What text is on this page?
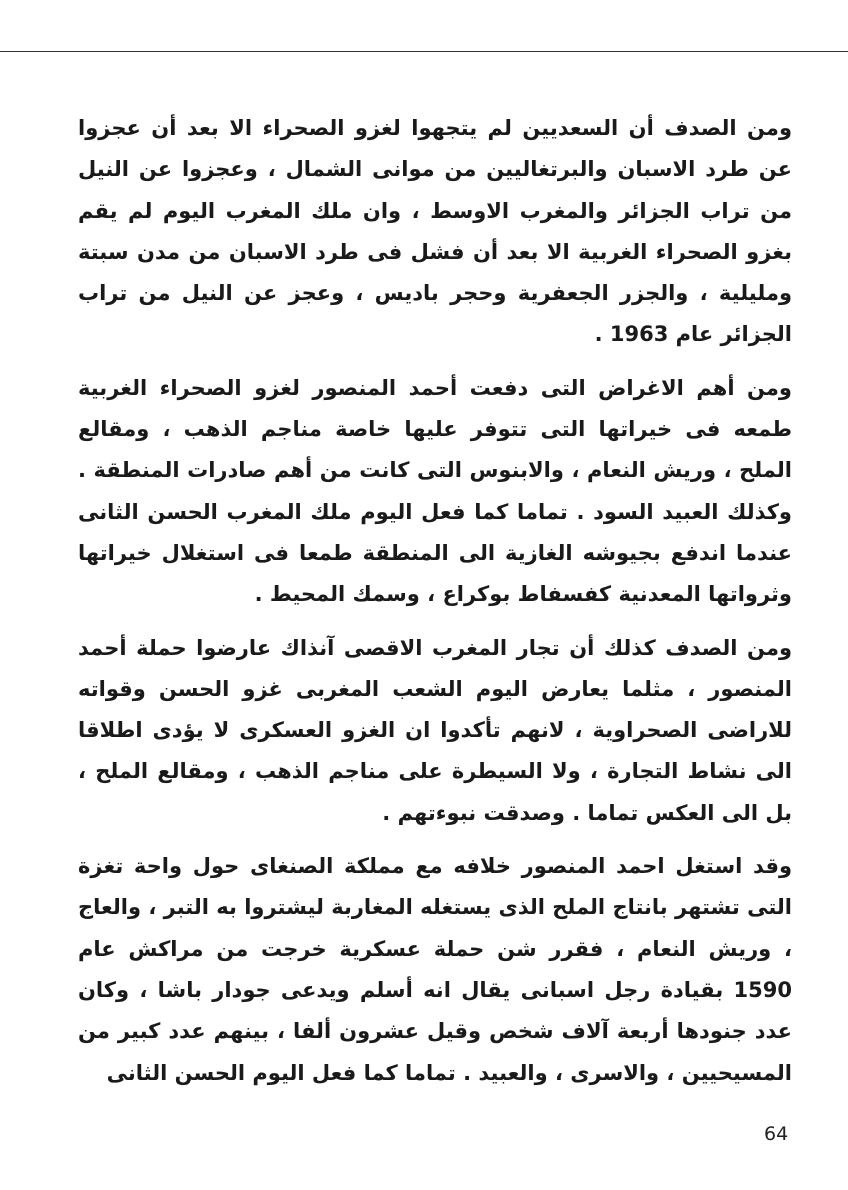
ومن الصدف أن السعديين لم يتجهوا لغزو الصحراء الا بعد أن عجزوا عن طرد الاسبان والبرتغاليين من موانى الشمال ، وعجزوا عن النيل من تراب الجزائر والمغرب الاوسط ، وان ملك المغرب اليوم لم يقم بغزو الصحراء الغربية الا بعد أن فشل فى طرد الاسبان من مدن سبتة ومليلية ، والجزر الجعفرية وحجر باديس ، وعجز عن النيل من تراب الجزائر عام 1963 .

ومن أهم الاغراض التى دفعت أحمد المنصور لغزو الصحراء الغربية طمعه فى خيراتها التى تتوفر عليها خاصة مناجم الذهب ، ومقالع الملح ، وريش النعام ، والابنوس التى كانت من أهم صادرات المنطقة . وكذلك العبيد السود . تماما كما فعل اليوم ملك المغرب الحسن الثانى عندما اندفع بجيوشه الغازية الى المنطقة طمعا فى استغلال خيراتها وثرواتها المعدنية كفسفاط بوكراع ، وسمك المحيط .

ومن الصدف كذلك أن تجار المغرب الاقصى آنذاك عارضوا حملة أحمد المنصور ، مثلما يعارض اليوم الشعب المغربى غزو الحسن وقواته للاراضى الصحراوية ، لانهم تأكدوا ان الغزو العسكرى لا يؤدى اطلاقا الى نشاط التجارة ، ولا السيطرة على مناجم الذهب ، ومقالع الملح ، بل الى العكس تماما . وصدقت نبوءتهم .

وقد استغل احمد المنصور خلافه مع مملكة الصنغاى حول واحة تغزة التى تشتهر بانتاج الملح الذى يستغله المغاربة ليشتروا به التبر ، والعاج ، وريش النعام ، فقرر شن حملة عسكرية خرجت من مراكش عام 1590 بقيادة رجل اسبانى يقال انه أسلم ويدعى جودار باشا ، وكان عدد جنودها أربعة آلاف شخص وقيل عشرون ألفا ، بينهم عدد كبير من المسيحيين ، والاسرى ، والعبيد . تماما كما فعل اليوم الحسن الثانى

64
